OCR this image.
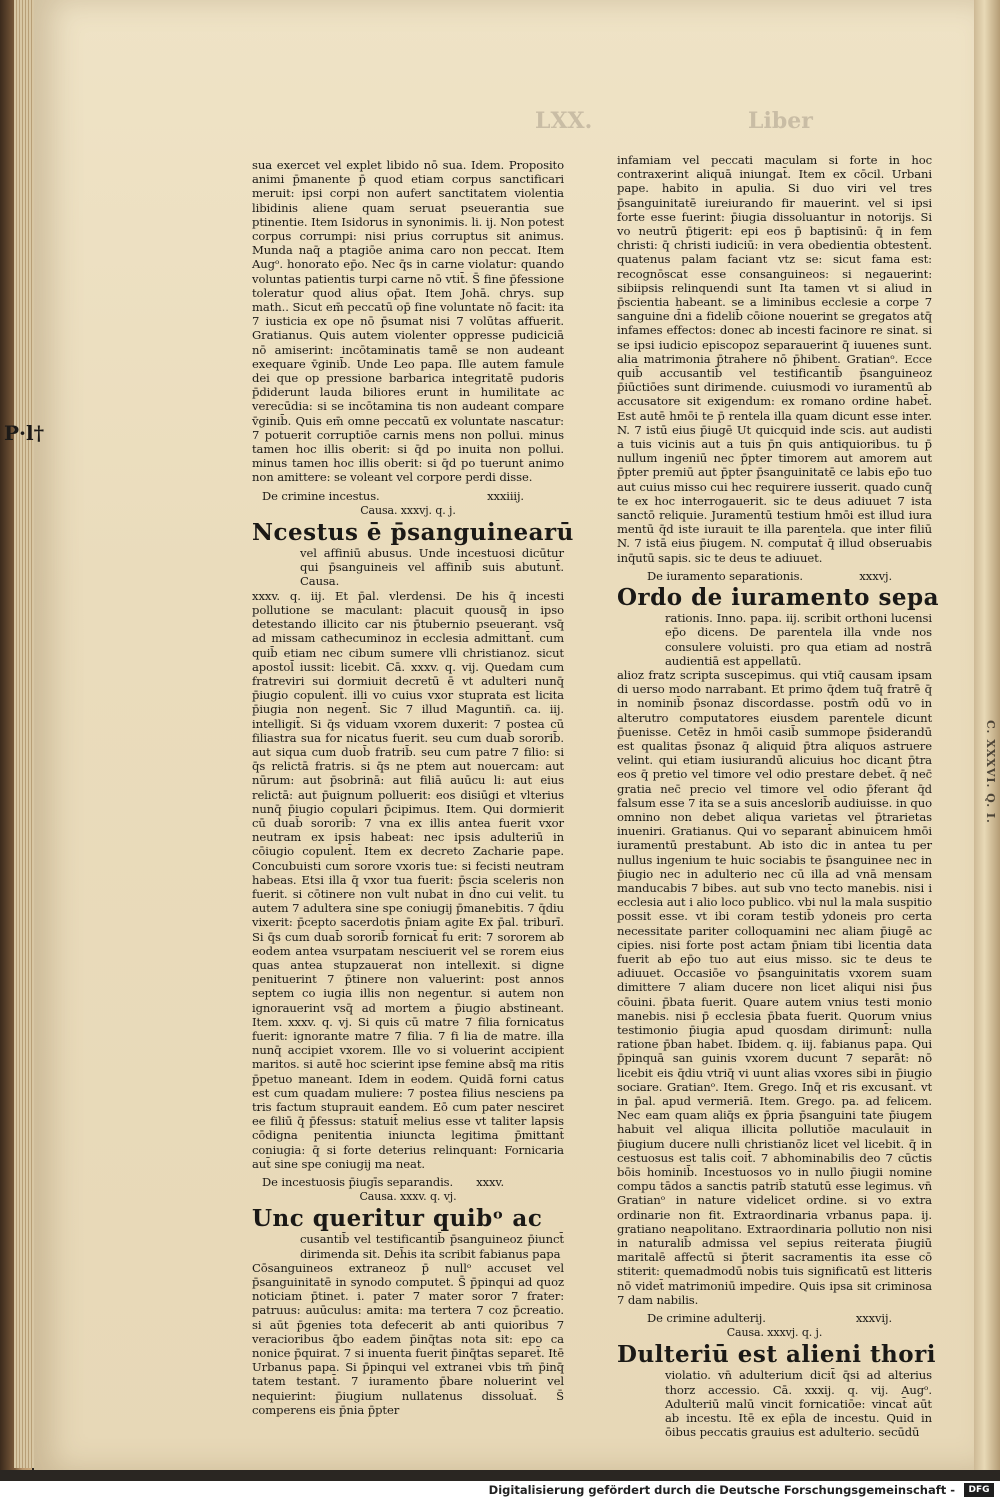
C. XXXVI. Q. I.
LXX.	Liber
P·l†

sua exercet vel explet libido nō sua. Idem. Proposito animi p̄manente p̄ quod etiam corpus sanctificari meruit: ipsi corpi non aufert sanctitatem violentia libidinis aliene quam seruat pseuerantia sue ptinentie. Item Isidorus in synonimis. li. ij. Non potest corpus corrumpi: nisi prius corruptus sit animus. Munda naq̄ a ptagiōe anima caro non peccat. Item Augᵒ. honorato ep̄o. Nec q̄s in carne violatur: quando voluntas patientis turpi carne nō vtit̄. S̄ fine p̄fessione toleratur quod alius op̄at. Item Johā. chrys. sup math.. Sicut em̄ peccatū op̄ fine voluntate nō facit: ita 7 iusticia ex ope nō p̄sumat nisi 7 volūtas affuerit. Gratianus. Quis autem violenter oppresse pudiciciā nō amiserint: incōtaminatis tamē se non audeant exequare v̄ginib̄. Unde Leo papa. Ille autem famule dei que op pressione barbarica integritatē pudoris p̄diderunt lauda biliores erunt in humilitate ac verecūdia: si se incōtamina tis non audeant compare v̄ginib̄. Quis em̄ omne peccatū ex voluntate nascatur: 7 potuerit corruptiōe carnis mens non pollui. minus tamen hoc illis oberit: si q̄d po inuita non pollui. minus tamen hoc illis oberit: si q̄d po tuerunt animo non amittere: se voleant vel corpore perdi disse.

De crimine incestus.	xxxiiij.
Causa. xxxvj. q. j.
Ncestus ē p̄sanguinearū

vel affiniū abusus. Unde incestuosi dicūtur qui p̄sanguineis vel affinib̄ suis abutunt̄. Causa.

xxxv. q. iij. Et p̄al. vlerdensi. De his q̄ incesti pollutione se maculant: placuit quousq̄ in ipso detestando illicito car nis p̄tubernio pseuerant. vsq̄ ad missam cathecuminoz in ecclesia admittant̄. cum quib̄ etiam nec cibum sumere vlli christianoz. sicut apostol̄ iussit: licebit. Cā. xxxv. q. vij. Quedam cum fratreviri sui dormiuit decretū ē vt adulteri nunq̄ p̄iugio copulent̄. illi vo cuius vxor stuprata est licita p̄iugia non negent̄. Sic 7 illud Maguntin̄. ca. iij. intelligit̄. Si q̄s viduam vxorem duxerit: 7 postea cū filiastra sua for nicatus fuerit. seu cum duab̄ sororib̄. aut siqua cum duob̄ fratrib̄. seu cum patre 7 filio: si q̄s relictā fratris. si q̄s ne ptem aut nouercam: aut nūrum: aut p̄sobrinā: aut filiā auūcu li: aut eius relictā: aut p̄uignum polluerit: eos disiūgi et vlterius nunq̄ p̄iugio copulari p̄cipimus. Item. Qui dormierit cū duab̄ sororib̄: 7 vna ex illis antea fuerit vxor neutram ex ipsis habeat: nec ipsis adulteriū in cōiugio copulent̄. Item ex decreto Zacharie pape. Concubuisti cum sorore vxoris tue: si fecisti neutram habeas. Etsi illa q̄ vxor tua fuerit: p̄scia sceleris non fuerit. si cōtinere non vult nubat in d̄no cui velit. tu autem 7 adultera sine spe coniugij p̄manebitis. 7 q̄diu vixerit: p̄cepto sacerdotis p̄niam agite Ex p̄al. triburī. Si q̄s cum duab̄ sororib̄ fornicat̄ fu erit: 7 sororem ab eodem antea vsurpatam nesciuerit vel se rorem eius quas antea stupzauerat non intellexit. si digne penituerint 7 p̄tinere non valuerint: post annos septem co iugia illis non negentur. si autem non ignorauerint vsq̄ ad mortem a p̄iugio abstineant. Item. xxxv. q. vj. Si quis cū matre 7 filia fornicatus fuerit: ignorante matre 7 filia. 7 fi lia de matre. illa nunq̄ accipiet vxorem. Ille vo si voluerint accipient maritos. si autē hoc scierint ipse femine absq̄ ma ritis p̄petuo maneant. Idem in eodem. Quidā forni catus est cum quadam muliere: 7 postea filius nesciens pa tris factum stuprauit eandem. Eō cum pater nesciret ee filiū q̄ p̄fessus: statuit̄ melius esse vt taliter lapsis cōdigna penitentia iniuncta legitima p̄mittant̄ coniugia: q̄ si forte deterius relinquant: Fornicaria aut̄ sine spe coniugij ma neat.

De incestuosis p̄iugīs separandis. xxxv.
Causa. xxxv. q. vj.
Unc queritur quibᵒ ac

cusantib̄ vel testificantib̄ p̄sanguineoz p̄iunct̄ dirimenda sit. Deh̄is ita scribit fabianus papa

Cōsanguineos extraneoz p̄ nullᵒ accuset vel p̄sanguinitatē in synodo computet. S̄ p̄pinqui ad quoz noticiam p̄tinet. i. pater 7 mater soror 7 frater: patruus: auūculus: amita: ma tertera 7 coz p̄creatio. si aūt p̄genies tota defecerit ab anti quioribus 7 veracioribus q̄bo eadem p̄inq̄tas nota sit: epo ca nonice p̄quirat. 7 si inuenta fuerit p̄inq̄tas separet̄. Itē Urbanus papa. Si p̄pinqui vel extranei vbis tm̄ p̄inq̄ tatem testant̄. 7 iuramento p̄bare noluerint vel nequierint: p̄iugium nullatenus dissoluat̄. S̄ comperens eis p̄nia p̄pter

infamiam vel peccati maculam si forte in hoc contraxerint aliquā iniungat̄. Item ex cōcil. Urbani pape. habito in apulia. Si duo viri vel tres p̄sanguinitatē iureiurando fir mauerint. vel si ipsi forte esse fuerint: p̄iugia dissoluantur in notorijs. Si vo neutrū p̄tigerit: epi eos p̄ baptisinū: q̄ in fem christi: q̄ christi iudiciū: in vera obedientia obtestent̄. quatenus palam faciant vtz se: sicut fama est: recognōscat esse consanguineos: si negauerint: sibiipsis relinquendi sunt Ita tamen vt si aliud in p̄scientia habeant. se a liminibus ecclesie a corpe 7 sanguine d̄ni a fidelib̄ cōione nouerint se gregatos atq̄ infames effectos: donec ab incesti facinore re sinat. si se ipsi iudicio episcopoz separauerint q̄ iuuenes sunt. alia matrimonia p̄trahere nō p̄hibent. Gratianᵒ. Ecce quib̄ accusantib̄ vel testificantib̄ p̄sanguineoz p̄iūctiōes sunt dirimende. cuiusmodi vo iuramentū ab accusatore sit exigendum: ex romano ordine habet̄. Est autē hmōi te p̄ rentela illa quam dicunt esse inter. N. 7 istū eius p̄iugē Ut quicquid inde scis. aut audisti a tuis vicinis aut a tuis p̄n quis antiquioribus. tu p̄ nullum ingeniū nec p̄pter timorem aut amorem aut p̄pter premiū aut p̄pter p̄sanguinitatē ce labis ep̄o tuo aut cuius misso cui hec requirere iusserit. quado cunq̄ te ex hoc interrogauerit. sic te deus adiuuet 7 ista sanctō reliquie. Juramentū testium hmōi est illud iura mentū q̄d iste iurauit te illa parentela. que inter filiū N. 7 istā eius p̄iugem. N. computat̄ q̄ illud obseruabis inq̄utū sapis. sic te deus te adiuuet.

De iuramento separationis.	xxxvj.
Ordo de iuramento sepa

rationis. Inno. papa. iij. scribit orthoni lucensi ep̄o dicens. De parentela illa vnde nos consulere voluisti. pro qua etiam ad nostrā audientiā est appellatū.

alioz fratz scripta suscepimus. qui vtiq̄ causam ipsam di uerso modo narrabant. Et primo q̄dem tuq̄ fratrē q̄ in nominib̄ p̄sonaz discordasse. postm̄ odū vo in alterutro computatores eiusdem parentele dicunt p̄uenisse. Cetēz in hmōi casib̄ summope p̄siderandū est qualitas p̄sonaz q̄ aliquid p̄tra aliquos astruere velint. qui etiam iusiurandū alicuius hoc dicant p̄tra eos q̄ pretio vel timore vel odio prestare debet̄. q̄ nec̄ gratia nec̄ precio vel timore vel odio p̄ferant q̄d falsum esse 7 ita se a suis anceslorib̄ audiuisse. in quo omnino non debet aliqua varietas vel p̄trarietas inueniri. Gratianus. Qui vo separant̄ abinuicem hmōi iuramentū prestabunt. Ab isto dic in antea tu per nullus ingenium te huic sociabis te p̄sanguinee nec in p̄iugio nec in adulterio nec cū illa ad vnā mensam manducabis 7 bibes. aut sub vno tecto manebis. nisi i ecclesia aut i alio loco publico. vbi nul la mala suspitio possit esse. vt ibi coram testib̄ ydoneis pro certa necessitate pariter colloquamini nec aliam p̄iugē ac cipies. nisi forte post actam p̄niam tibi licentia data fuerit ab ep̄o tuo aut eius misso. sic te deus te adiuuet. Occasiōe vo p̄sanguinitatis vxorem suam dimittere 7 aliam ducere non licet aliqui nisi p̄us cōuini. p̄bata fuerit. Quare autem vnius testi monio manebis. nisi p̄ ecclesia p̄bata fuerit. Quorum vnius testimonio p̄iugia apud quosdam dirimunt̄: nulla ratione p̄ban habet. Ibidem. q. iij. fabianus papa. Qui p̄pinquā san guinis vxorem ducunt 7 separāt: nō licebit eis q̄diu vtriq̄ vi uunt alias vxores sibi in p̄iugio sociare. Gratianᵒ. Item. Grego. Inq̄ et ris excusant̄. vt in p̄al. apud vermeriā. Item. Grego. pa. ad felicem. Nec eam quam aliq̄s ex p̄pria p̄sanguini tate p̄iugem habuit vel aliqua illicita pollutiōe maculauit in p̄iugium ducere nulli christianōz licet vel licebit. q̄ in cestuosus est talis coit̄. 7 abhominabilis deo 7 cūctis bōis hominib̄. Incestuosos vo in nullo p̄iugii nomine compu tādos a sanctis patrib̄ statutū esse legimus. vn̄ Gratianᵒ in nature videlicet ordine. si vo extra ordinarie non fit. Extraordinaria vrbanus papa. ij. gratiano neapolitano. Extraordinaria pollutio non nisi in naturalib̄ admissa vel sepius reiterata p̄iugiū maritalē affectū si p̄terit sacramentis ita esse cō stiterit: quemadmodū nobis tuis significatū est litteris nō videt̄ matrimoniū impedire. Quis ipsa sit criminosa 7 dam nabilis.

De crimine adulterij.	xxxvij.
Causa. xxxvj. q. j.
Dulteriū est alieni thori

violatio. vn̄ adulterium dicit̄ q̄si ad alterius thorz accessio. Cā. xxxij. q. vij. Augᵒ. Adulteriū malū vincit fornicatiōe: vincat̄ aūt ab incestu. Itē ex ep̄la de incestu. Quid in ōibus peccatis grauius est adulterio. secūdū

Digitalisierung gefördert durch die Deutsche Forschungsgemeinschaft -	DFG
